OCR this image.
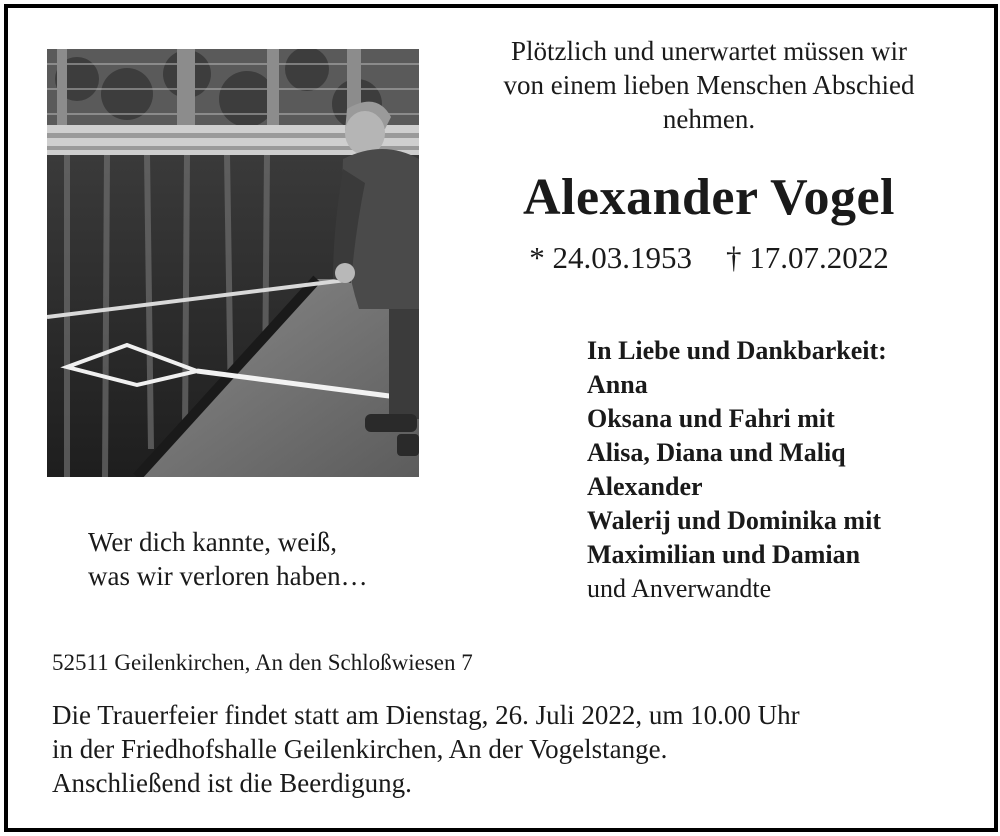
Plötzlich und unerwartet müssen wir
von einem lieben Menschen Abschied
nehmen.
Alexander Vogel
* 24.03.1953 † 17.07.2022
In Liebe und Dankbarkeit:
Anna
Oksana und Fahri mit
Alisa, Diana und Maliq
Alexander
Walerij und Dominika mit
Maximilian und Damian
und Anverwandte
Wer dich kannte, weiß,
was wir verloren haben…
52511 Geilenkirchen, An den Schloßwiesen 7
Die Trauerfeier findet statt am Dienstag, 26. Juli 2022, um 10.00 Uhr
in der Friedhofshalle Geilenkirchen, An der Vogelstange.
Anschließend ist die Beerdigung.
